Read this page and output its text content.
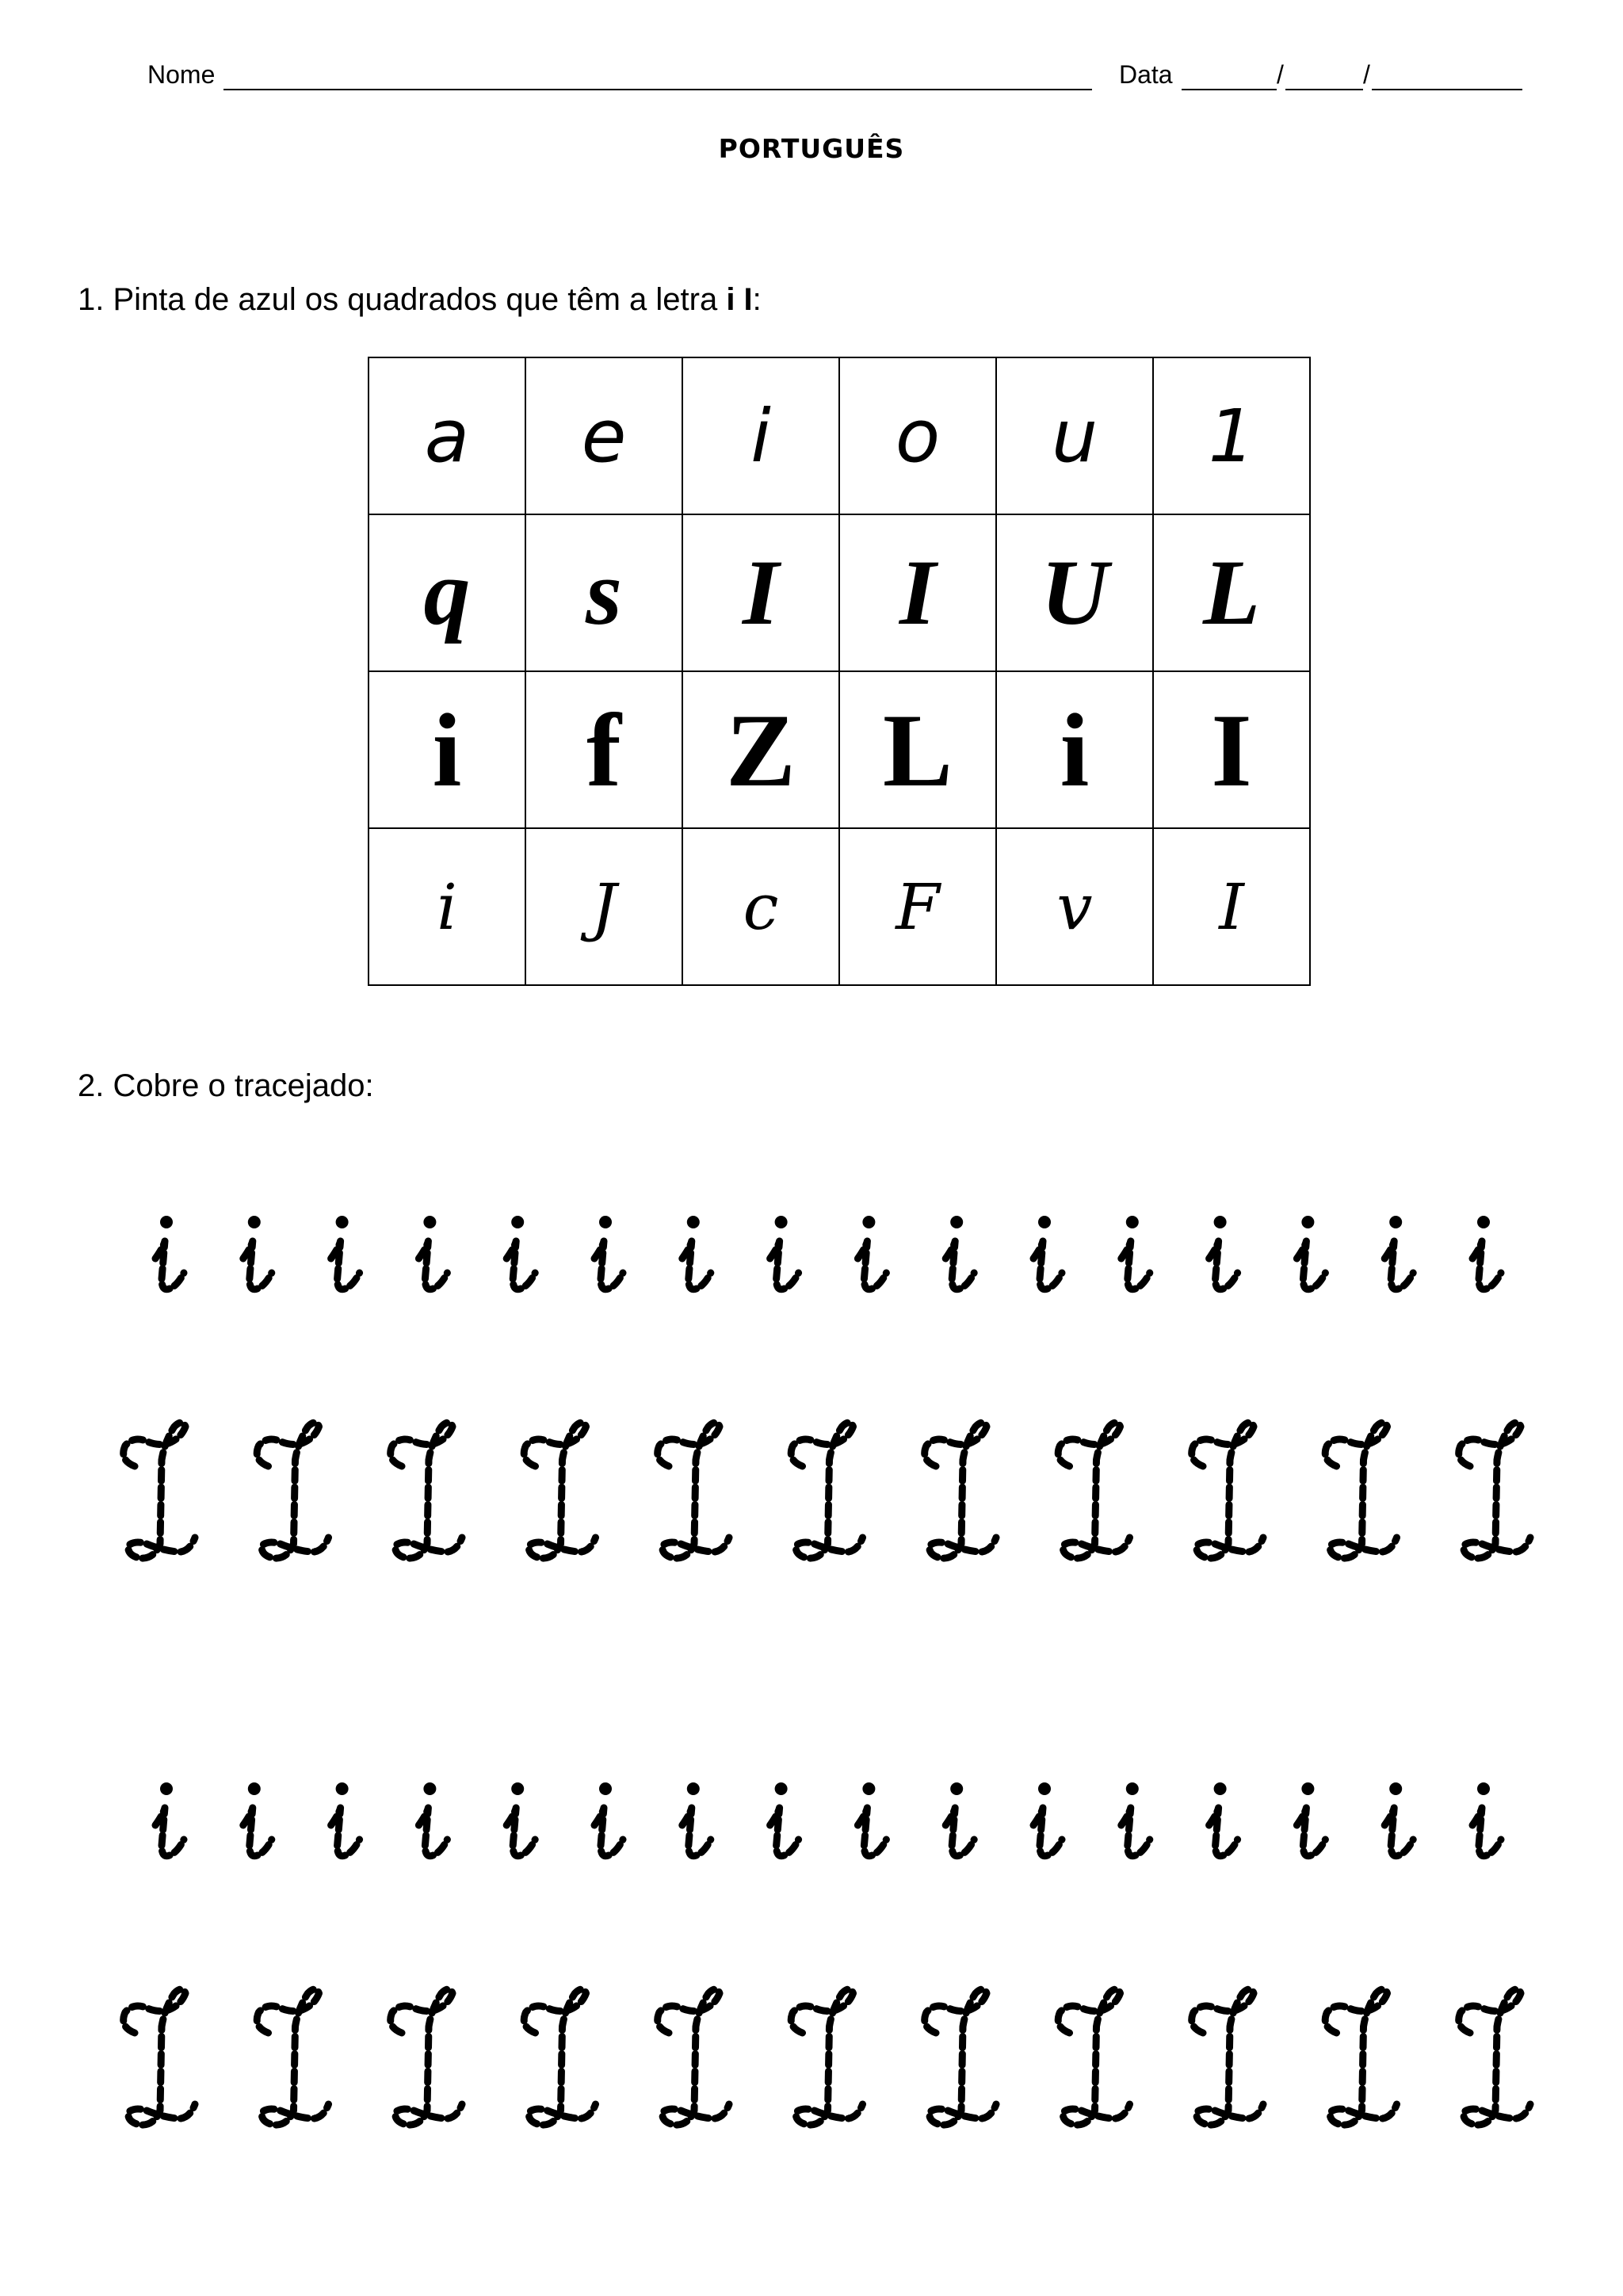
Nome	Data	/	/
PORTUGUÊS
1. Pinta de azul os quadrados que têm a letra i I:
a	e	i	o	u	1
q	s	I	I	U	L
i	f	Z	L	i	I
i	J	c	F	v	I
2. Cobre o tracejado:
